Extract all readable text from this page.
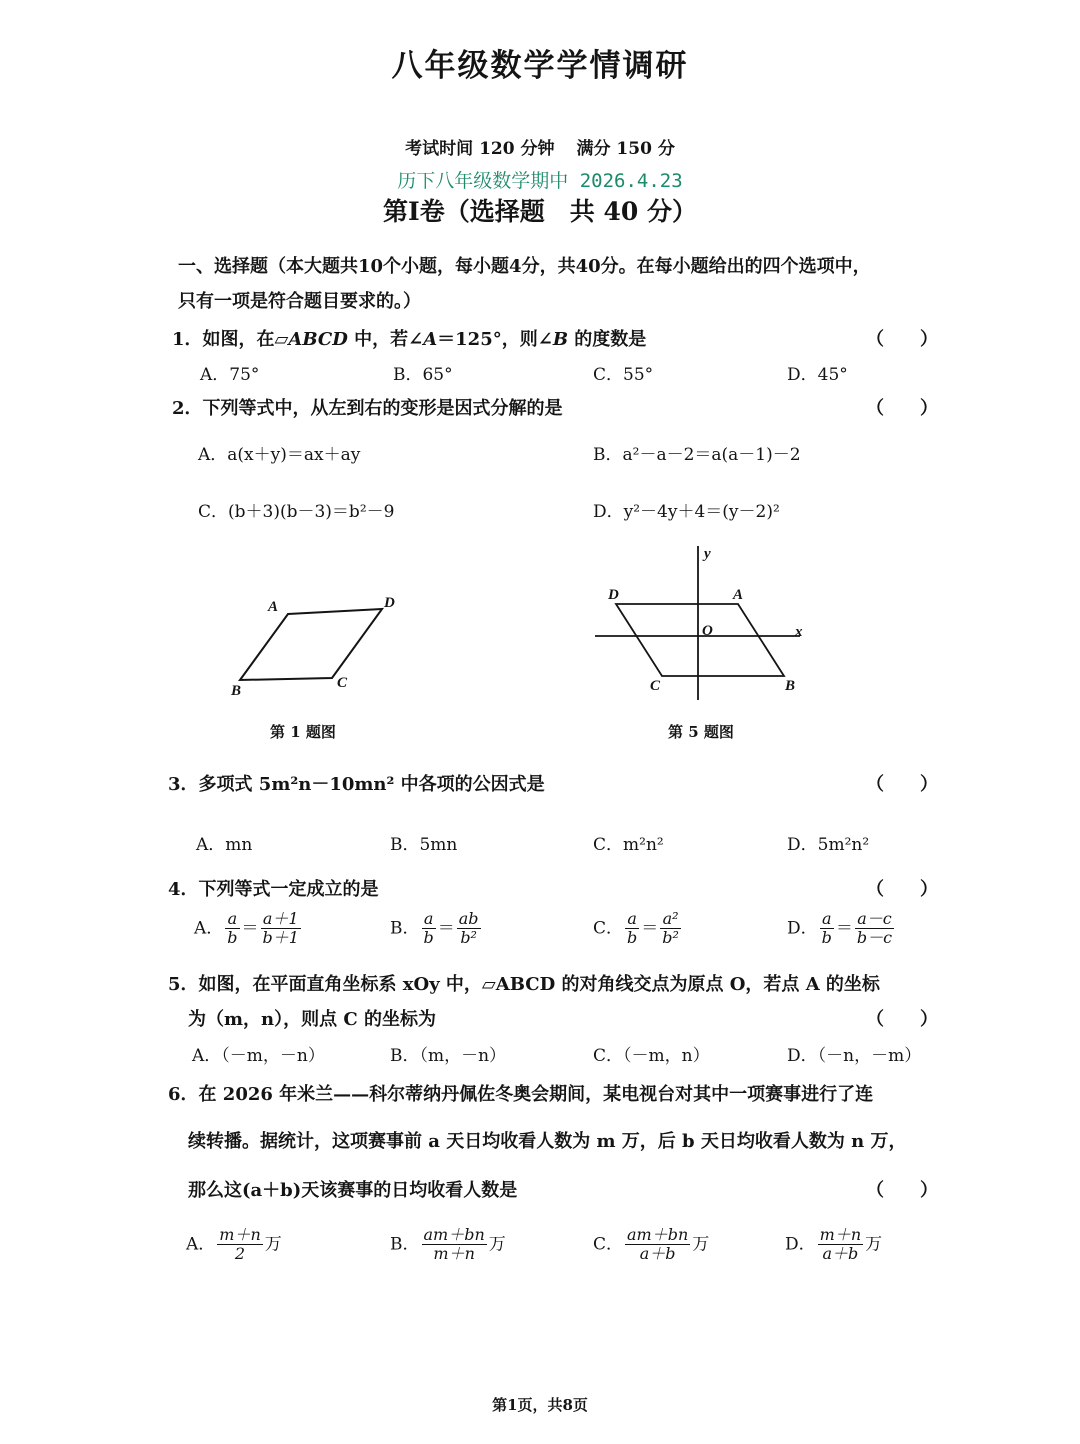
八年级数学学情调研
考试时间 120 分钟 满分 150 分
历下八年级数学期中 2026.4.23
第Ⅰ卷（选择题　共 40 分）
一、选择题（本大题共10个小题，每小题4分，共40分。在每小题给出的四个选项中，
只有一项是符合题目要求的。）
1．如图，在▱ABCD 中，若∠A＝125°，则∠B 的度数是	（　　）
A．75°	B．65°	C．55°	D．45°
2．下列等式中，从左到右的变形是因式分解的是	（　　）
A．a(x＋y)＝ax＋ay	B．a²－a－2＝a(a－1)－2
C．(b＋3)(b－3)＝b²－9	D．y²－4y＋4＝(y－2)²
A	D
B	C
第 1 题图
y
D	A
O	x
C	B
第 5 题图
3．多项式 5m²n－10mn² 中各项的公因式是	（　　）
A．mn	B．5mn	C．m²n²	D．5m²n²
4．下列等式一定成立的是	（　　）
A． $\frac{a}{b} = \frac{a+1}{b+1}$	B． $\frac{a}{b} = \frac{ab}{\text{b²}}$	C． $\frac{a}{b} = \frac{\text{a²}}{\text{b²}}$	D． $\frac{a}{b} = \frac{a-c}{b-c}$
5．如图，在平面直角坐标系 xOy 中，▱ABCD 的对角线交点为原点 O，若点 A 的坐标
为（m，n），则点 C 的坐标为	（　　）
A．（－m，－n）	B．（m，－n）	C．（－m，n）	D．（－n，－m）
6．在 2026 年米兰——科尔蒂纳丹佩佐冬奥会期间，某电视台对其中一项赛事进行了连
续转播。据统计，这项赛事前 a 天日均收看人数为 m 万，后 b 天日均收看人数为 n 万，
那么这(a＋b)天该赛事的日均收看人数是	（　　）
A． $\frac{m+n}{2}$ 万	B． $\frac{am+bn}{m+n}$ 万	C． $\frac{am+bn}{a+b}$ 万	D． $\frac{m+n}{a+b}$ 万
第1页，共8页
